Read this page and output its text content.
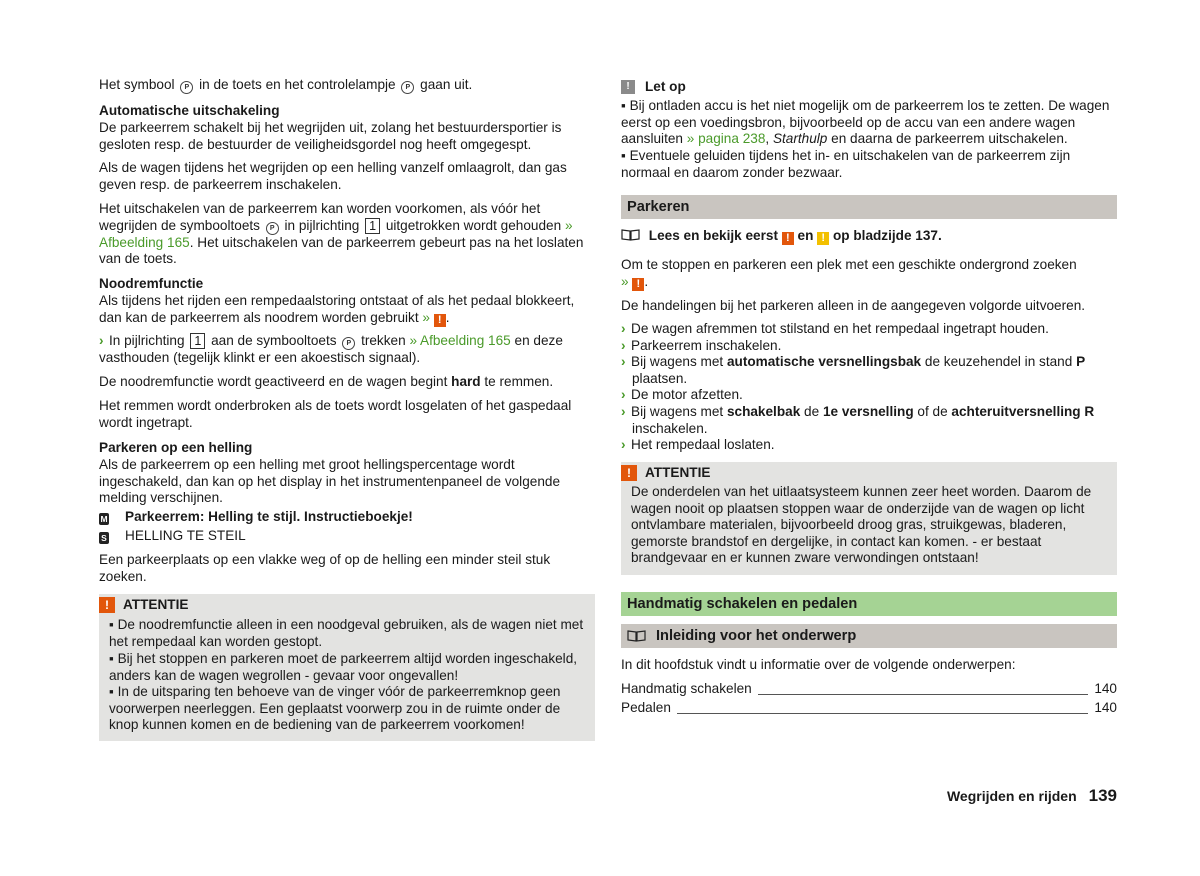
Het symbool P in de toets en het controlelampje P gaan uit.

Automatische uitschakeling

De parkeerrem schakelt bij het wegrijden uit, zolang het bestuurdersportier is gesloten resp. de bestuurder de veiligheidsgordel nog heeft omgegespt.

Als de wagen tijdens het wegrijden op een helling vanzelf omlaagrolt, dan gas geven resp. de parkeerrem inschakelen.

Het uitschakelen van de parkeerrem kan worden voorkomen, als vóór het wegrijden de symbooltoets P in pijlrichting 1 uitgetrokken wordt gehouden » Afbeelding 165. Het uitschakelen van de parkeerrem gebeurt pas na het loslaten van de toets.

Noodremfunctie

Als tijdens het rijden een rempedaalstoring ontstaat of als het pedaal blokkeert, dan kan de parkeerrem als noodrem worden gebruikt » ! .

› In pijlrichting 1 aan de symbooltoets P trekken » Afbeelding 165 en deze vasthouden (tegelijk klinkt er een akoestisch signaal).

De noodremfunctie wordt geactiveerd en de wagen begint hard te remmen.

Het remmen wordt onderbroken als de toets wordt losgelaten of het gaspedaal wordt ingetrapt.

Parkeren op een helling

Als de parkeerrem op een helling met groot hellingspercentage wordt ingeschakeld, dan kan op het display in het instrumentenpaneel de volgende melding verschijnen.

M Parkeerrem: Helling te stijl. Instructieboekje!
S HELLING TE STEIL

Een parkeerplaats op een vlakke weg of op de helling een minder steil stuk zoeken.

!	ATTENTIE

▪ De noodremfunctie alleen in een noodgeval gebruiken, als de wagen niet met het rempedaal kan worden gestopt.

▪ Bij het stoppen en parkeren moet de parkeerrem altijd worden ingeschakeld, anders kan de wagen wegrollen - gevaar voor ongevallen!

▪ In de uitsparing ten behoeve van de vinger vóór de parkeerremknop geen voorwerpen neerleggen. Een geplaatst voorwerp zou in de ruimte onder de knop kunnen komen en de bediening van de parkeerrem voorkomen!

!	Let op

▪ Bij ontladen accu is het niet mogelijk om de parkeerrem los te zetten. De wagen eerst op een voedingsbron, bijvoorbeeld op de accu van een andere wagen aansluiten » pagina 238, Starthulp en daarna de parkeerrem uitschakelen.

▪ Eventuele geluiden tijdens het in- en uitschakelen van de parkeerrem zijn normaal en daarom zonder bezwaar.

Parkeren
Lees en bekijk eerst ! en ! op bladzijde 137.

Om te stoppen en parkeren een plek met een geschikte ondergrond zoeken
» ! .

De handelingen bij het parkeren alleen in de aangegeven volgorde uitvoeren.

› De wagen afremmen tot stilstand en het rempedaal ingetrapt houden.
› Parkeerrem inschakelen.
› Bij wagens met automatische versnellingsbak de keuzehendel in stand P
plaatsen.
› De motor afzetten.
› Bij wagens met schakelbak de 1e versnelling of de achteruitversnelling R
inschakelen.
› Het rempedaal loslaten.
!	ATTENTIE

De onderdelen van het uitlaatsysteem kunnen zeer heet worden. Daarom de wagen nooit op plaatsen stoppen waar de onderzijde van de wagen op licht ontvlambare materialen, bijvoorbeeld droog gras, struikgewas, bladeren, gemorste brandstof en dergelijke, in contact kan komen. - er bestaat brandgevaar en er kunnen zware verwondingen ontstaan!

Handmatig schakelen en pedalen
Inleiding voor het onderwerp

In dit hoofdstuk vindt u informatie over de volgende onderwerpen:

Handmatig schakelen	140
Pedalen	140
Wegrijden en rijden 139
